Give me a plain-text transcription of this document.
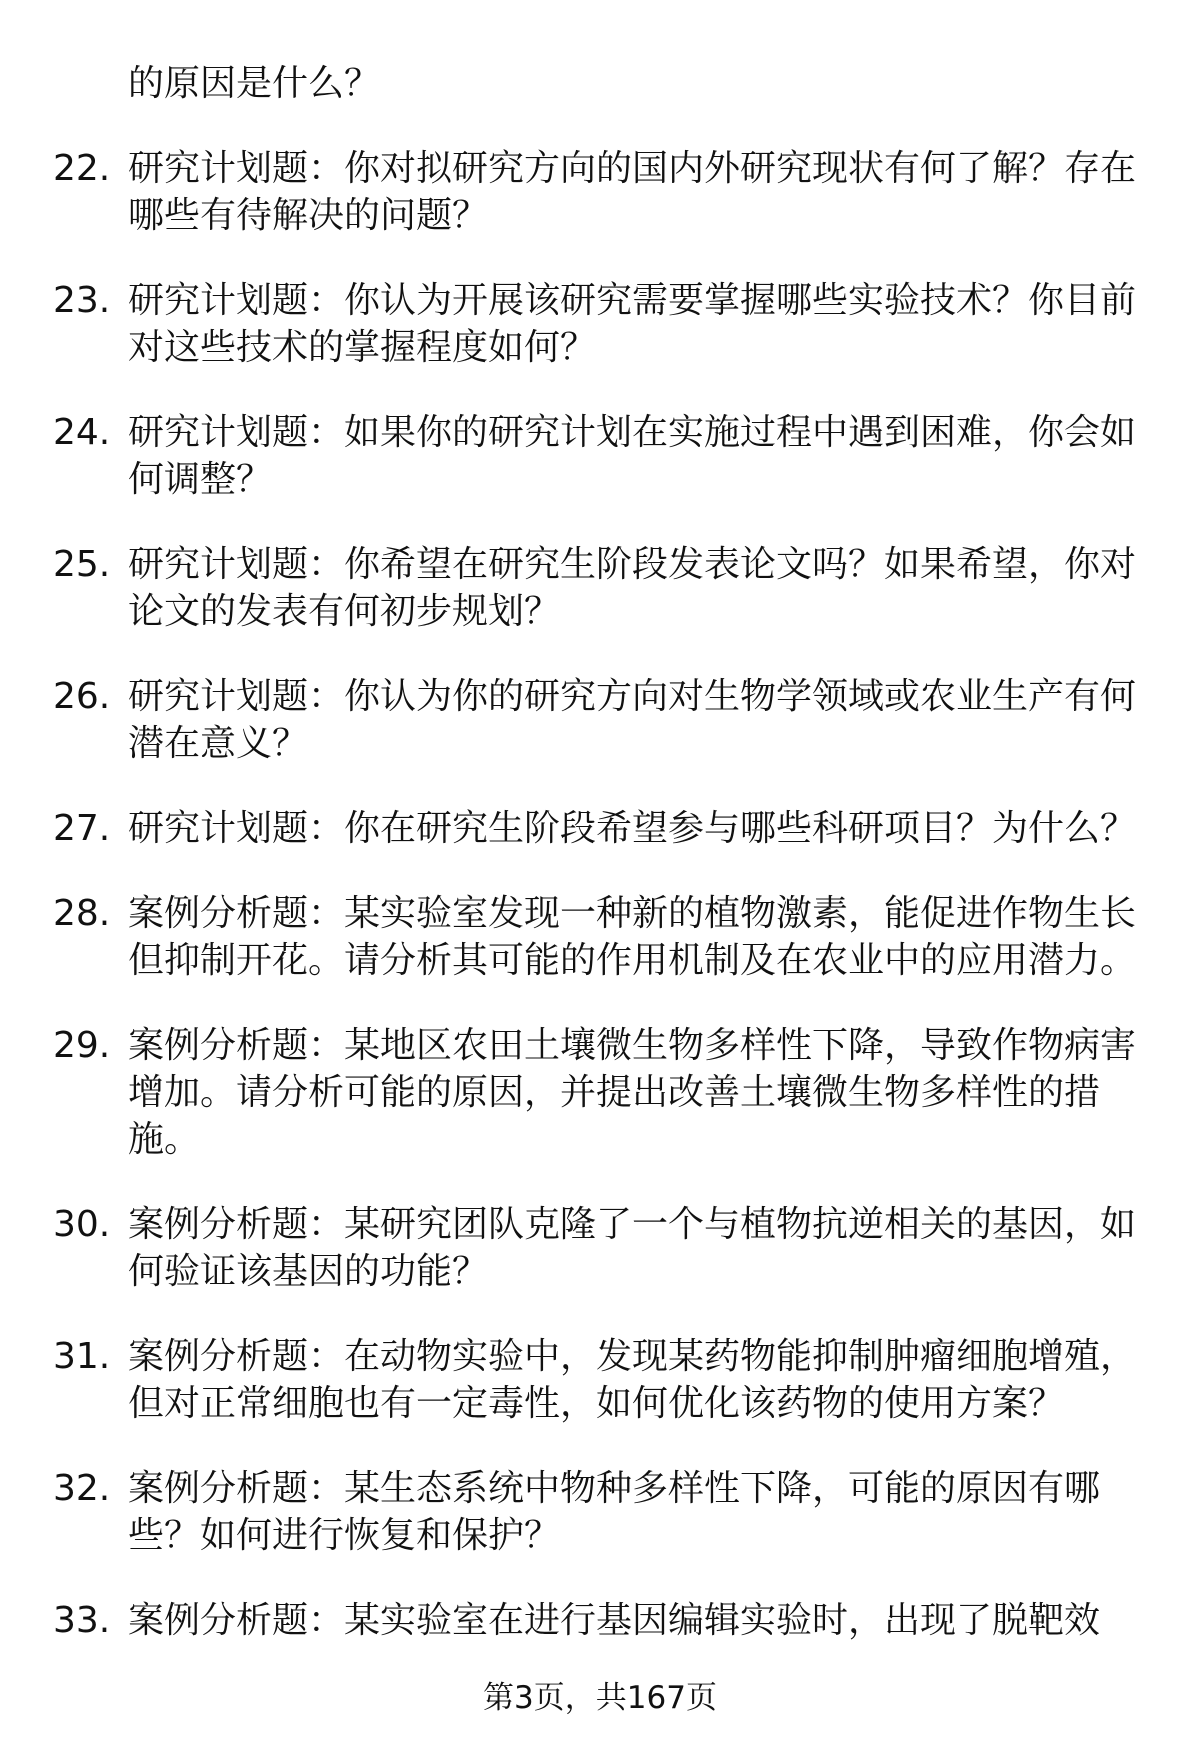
的原因是什么？
22. 研究计划题：你对拟研究方向的国内外研究现状有何了解？存在
哪些有待解决的问题？
23. 研究计划题：你认为开展该研究需要掌握哪些实验技术？你目前
对这些技术的掌握程度如何？
24. 研究计划题：如果你的研究计划在实施过程中遇到困难，你会如
何调整？
25. 研究计划题：你希望在研究生阶段发表论文吗？如果希望，你对
论文的发表有何初步规划？
26. 研究计划题：你认为你的研究方向对生物学领域或农业生产有何
潜在意义？
27. 研究计划题：你在研究生阶段希望参与哪些科研项目？为什么？
28. 案例分析题：某实验室发现一种新的植物激素，能促进作物生长
但抑制开花。请分析其可能的作用机制及在农业中的应用潜力。
29. 案例分析题：某地区农田土壤微生物多样性下降，导致作物病害
增加。请分析可能的原因，并提出改善土壤微生物多样性的措
施。
30. 案例分析题：某研究团队克隆了一个与植物抗逆相关的基因，如
何验证该基因的功能？
31. 案例分析题：在动物实验中，发现某药物能抑制肿瘤细胞增殖，
但对正常细胞也有一定毒性，如何优化该药物的使用方案？
32. 案例分析题：某生态系统中物种多样性下降，可能的原因有哪
些？如何进行恢复和保护？
33. 案例分析题：某实验室在进行基因编辑实验时，出现了脱靶效
第3页，共167页
